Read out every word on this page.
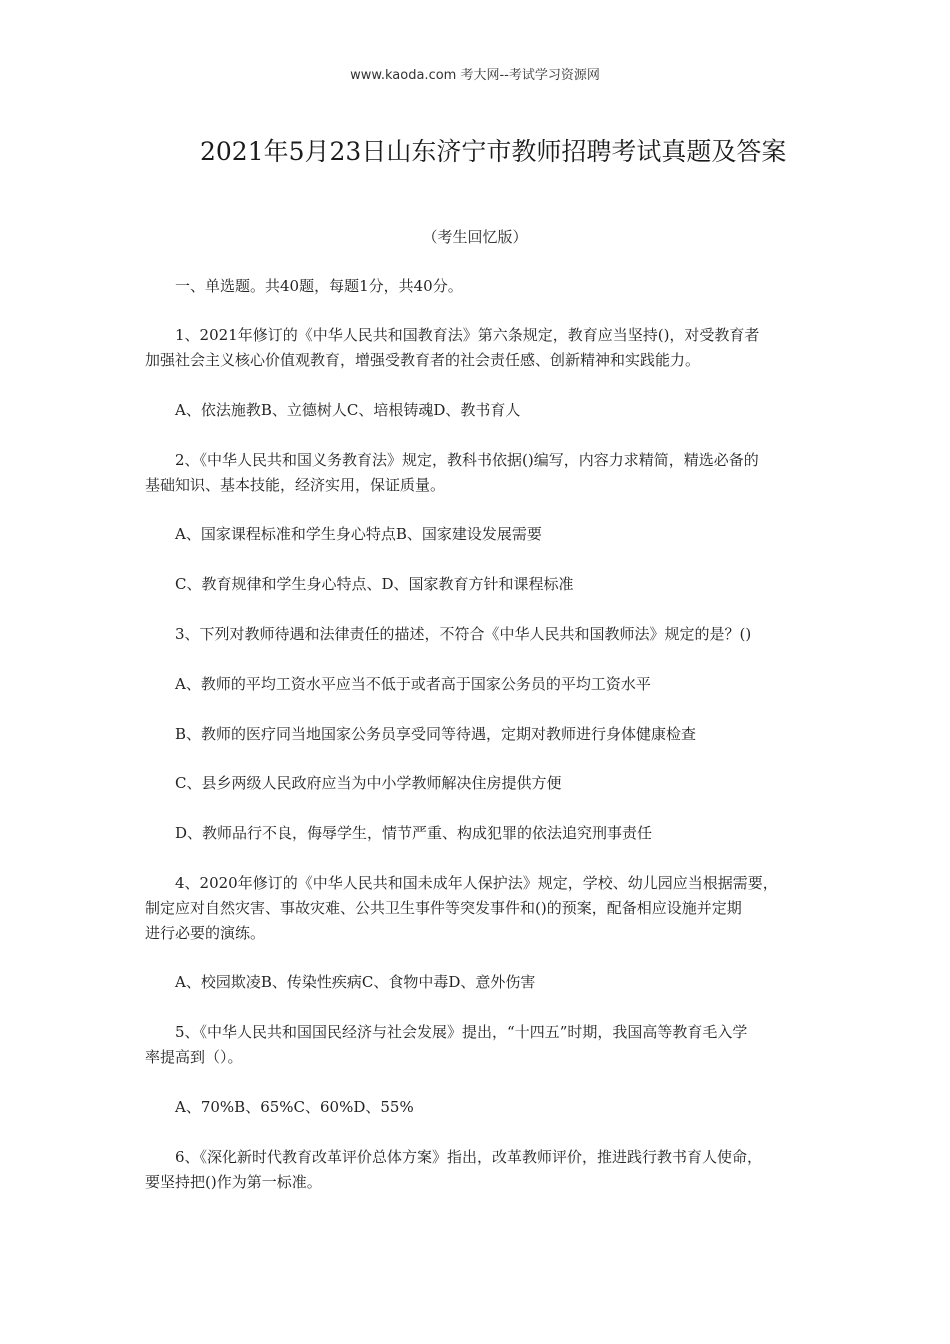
www.kaoda.com 考大网--考试学习资源网
2021年5月23日山东济宁市教师招聘考试真题及答案
（考生回忆版）
一、单选题。共40题，每题1分，共40分。
1、2021年修订的《中华人民共和国教育法》第六条规定，教育应当坚持()，对受教育者
加强社会主义核心价值观教育，增强受教育者的社会责任感、创新精神和实践能力。
A、依法施教B、立德树人C、培根铸魂D、教书育人
2、《中华人民共和国义务教育法》规定，教科书依据()编写，内容力求精简，精选必备的
基础知识、基本技能，经济实用，保证质量。
A、国家课程标准和学生身心特点B、国家建设发展需要
C、教育规律和学生身心特点、D、国家教育方针和课程标准
3、下列对教师待遇和法律责任的描述，不符合《中华人民共和国教师法》规定的是？()
A、教师的平均工资水平应当不低于或者高于国家公务员的平均工资水平
B、教师的医疗同当地国家公务员享受同等待遇，定期对教师进行身体健康检查
C、县乡两级人民政府应当为中小学教师解决住房提供方便
D、教师品行不良，侮辱学生，情节严重、构成犯罪的依法追究刑事责任
4、2020年修订的《中华人民共和国未成年人保护法》规定，学校、幼儿园应当根据需要，
制定应对自然灾害、事故灾难、公共卫生事件等突发事件和()的预案，配备相应设施并定期
进行必要的演练。
A、校园欺凌B、传染性疾病C、食物中毒D、意外伤害
5、《中华人民共和国国民经济与社会发展》提出，“十四五”时期，我国高等教育毛入学
率提高到（）。
A、70%B、65%C、60%D、55%
6、《深化新时代教育改革评价总体方案》指出，改革教师评价，推进践行教书育人使命，
要坚持把()作为第一标准。
